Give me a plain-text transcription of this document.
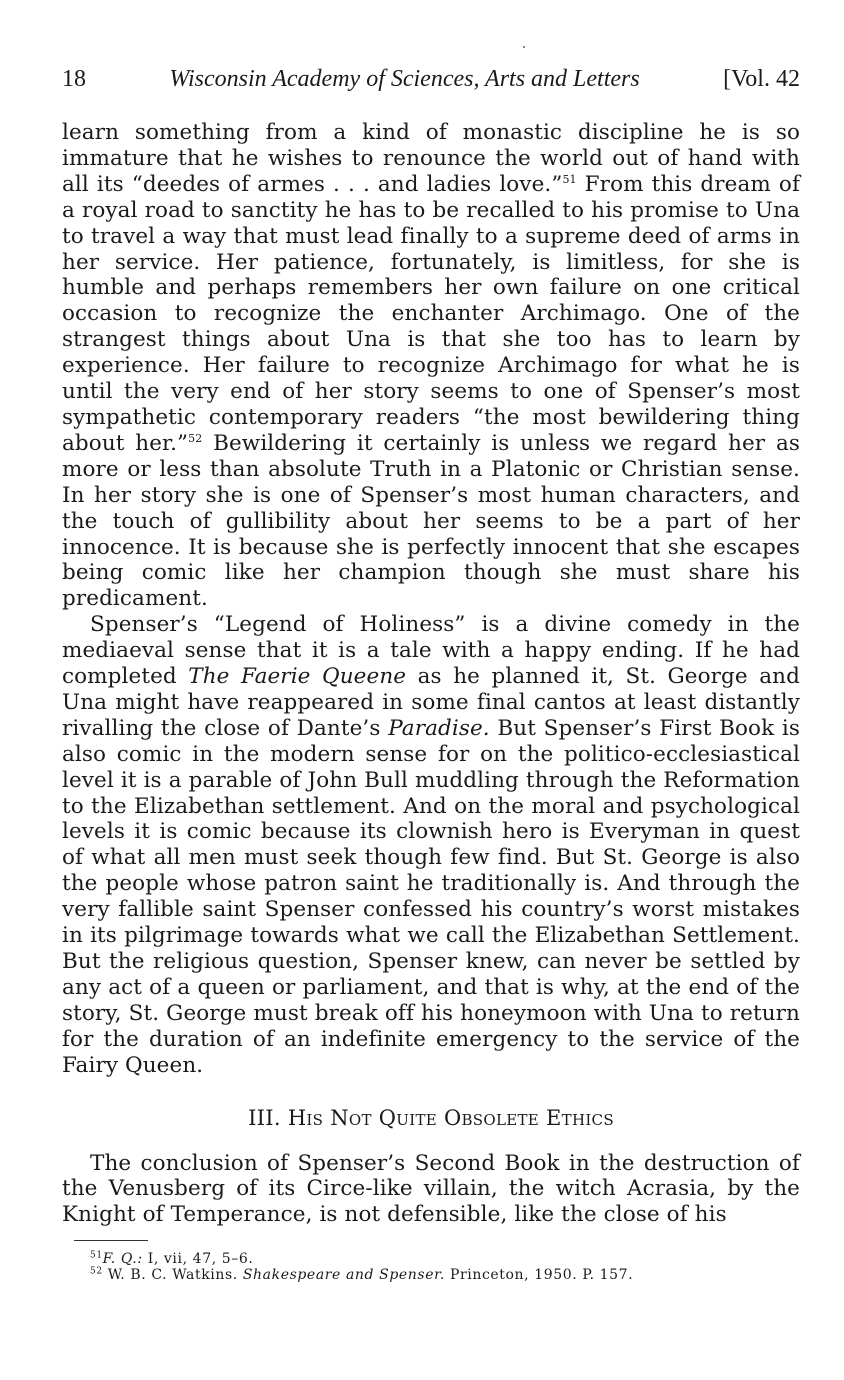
18	Wisconsin Academy of Sciences, Arts and Letters	[Vol. 42

learn something from a kind of monastic discipline he is so immature that he wishes to renounce the world out of hand with all its “deedes of armes . . . and ladies love.”$^{51}$ From this dream of a royal road to sanctity he has to be recalled to his promise to Una to travel a way that must lead finally to a supreme deed of arms in her service. Her patience, fortunately, is limitless, for she is humble and perhaps remembers her own failure on one critical occasion to recognize the enchanter Archimago. One of the strangest things about Una is that she too has to learn by experience. Her failure to recognize Archimago for what he is until the very end of her story seems to one of Spenser’s most sympathetic contemporary readers “the most bewildering thing about her.”$^{52}$ Bewildering it certainly is unless we regard her as more or less than absolute Truth in a Platonic or Christian sense. In her story she is one of Spenser’s most human characters, and the touch of gullibility about her seems to be a part of her innocence. It is because she is perfectly innocent that she escapes being comic like her champion though she must share his predicament.

Spenser’s “Legend of Holiness” is a divine comedy in the mediaeval sense that it is a tale with a happy ending. If he had completed The Faerie Queene as he planned it, St. George and Una might have reappeared in some final cantos at least distantly rivalling the close of Dante’s Paradise. But Spenser’s First Book is also comic in the modern sense for on the politico-ecclesiastical level it is a parable of John Bull muddling through the Reformation to the Elizabethan settlement. And on the moral and psychological levels it is comic because its clownish hero is Everyman in quest of what all men must seek though few find. But St. George is also the people whose patron saint he traditionally is. And through the very fallible saint Spenser confessed his country’s worst mistakes in its pilgrimage towards what we call the Elizabethan Settlement. But the religious question, Spenser knew, can never be settled by any act of a queen or parliament, and that is why, at the end of the story, St. George must break off his honeymoon with Una to return for the duration of an indefinite emergency to the service of the Fairy Queen.

III. His Not Quite Obsolete Ethics

The conclusion of Spenser’s Second Book in the destruction of the Venusberg of its Circe-like villain, the witch Acrasia, by the Knight of Temperance, is not defensible, like the close of his

$^{51}$F. Q.: I, vii, 47, 5–6.

$^{52}$ W. B. C. Watkins. Shakespeare and Spenser. Princeton, 1950. P. 157.
